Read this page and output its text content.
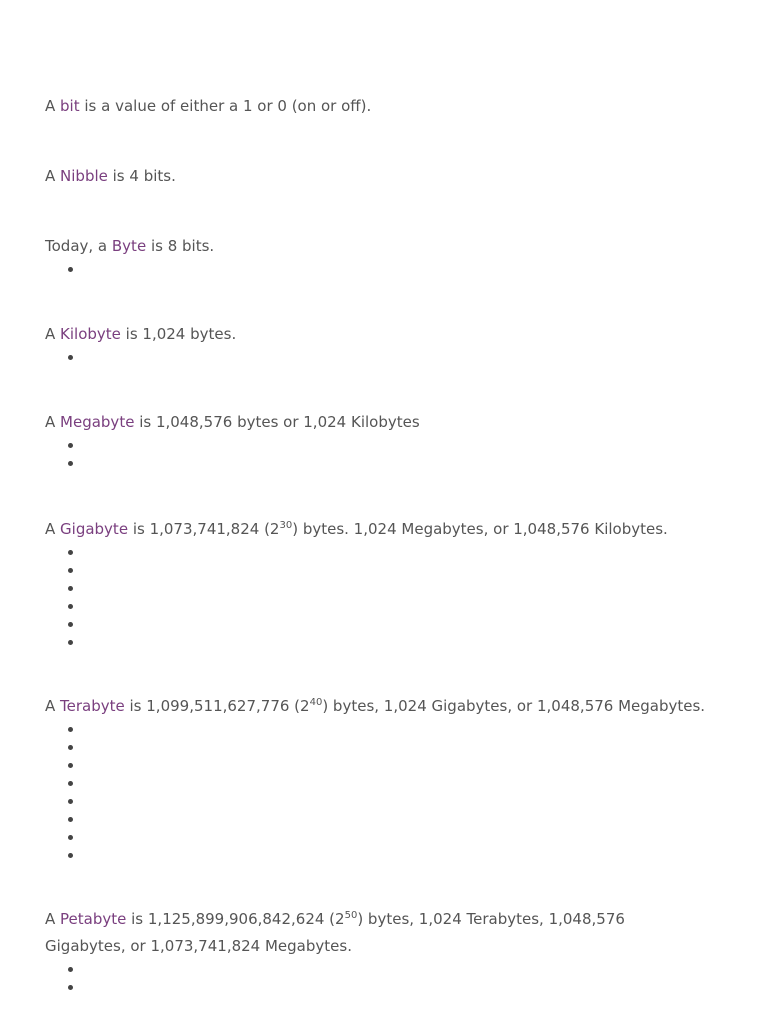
A bit is a value of either a 1 or 0 (on or off).

A Nibble is 4 bits.

Today, a Byte is 8 bits.

A Kilobyte is 1,024 bytes.

A Megabyte is 1,048,576 bytes or 1,024 Kilobytes

A Gigabyte is 1,073,741,824 $(2^{30})$ bytes. 1,024 Megabytes, or 1,048,576 Kilobytes.

A Terabyte is 1,099,511,627,776 $(2^{40})$ bytes, 1,024 Gigabytes, or 1,048,576 Megabytes.

A Petabyte is 1,125,899,906,842,624 $(2^{50})$ bytes, 1,024 Terabytes, 1,048,576

Gigabytes, or 1,073,741,824 Megabytes.
